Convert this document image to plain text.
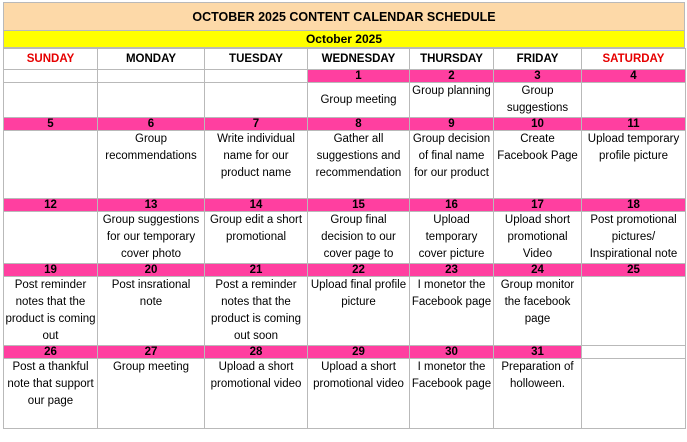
OCTOBER 2025 CONTENT CALENDAR SCHEDULE
October 2025
SUNDAY	MONDAY	TUESDAY	WEDNESDAY	THURSDAY	FRIDAY	SATURDAY
			1	2	3	4

			Group meeting	Group planning	Group suggestions	

5	6	7	8	9	10	11

	Group recommendations	Write individual name for our product name	Gather all suggestions and recommendation	Group decision of final name for our product	Create Facebook Page	Upload temporary profile picture

12	13	14	15	16	17	18

	Group suggestions for our temporary cover photo	Group edit a short promotional	Group final decision to our cover page to	Upload temporary cover picture	Upload short promotional Video	Post promotional pictures/ Inspirational note

19	20	21	22	23	24	25

Post reminder notes that the product is coming out	Post insrational note	Post a reminder notes that the product is coming out soon	Upload final profile picture	I monetor the Facebook page	Group monitor the facebook page	

26	27	28	29	30	31	

Post a thankful note that support our page	Group meeting	Upload a short promotional video	Upload a short promotional video	I monetor the Facebook page	Preparation of holloween.	
